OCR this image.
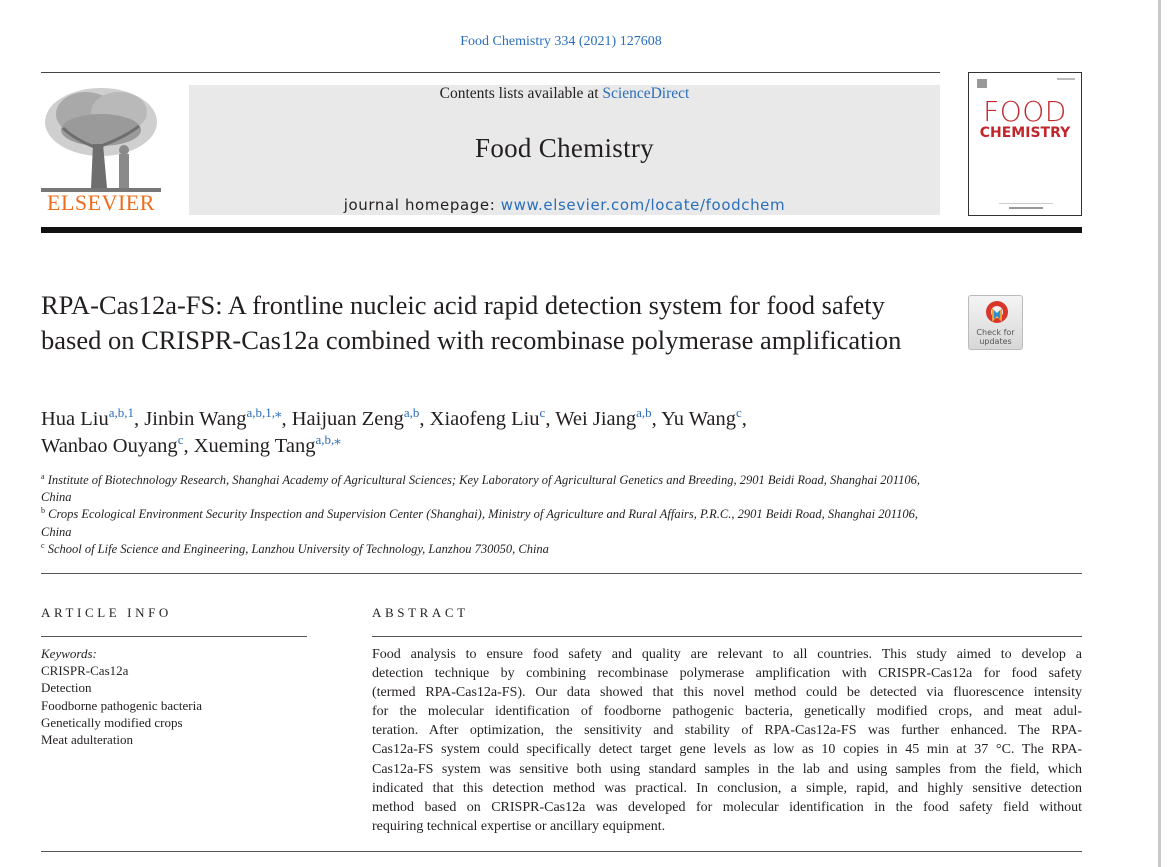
Food Chemistry 334 (2021) 127608
ELSEVIER
Contents lists available at ScienceDirect
Food Chemistry
journal homepage: www.elsevier.com/locate/foodchem
FOOD
CHEMISTRY
RPA-Cas12a-FS: A frontline nucleic acid rapid detection system for food safety based on CRISPR-Cas12a combined with recombinase polymerase amplification	Check for
updates
Hua Liu$^{a,b,1}$, Jinbin Wang$^{a,b,1,⁎}$, Haijuan Zeng$^{a,b}$, Xiaofeng Liu$^c$, Wei Jiang$^{a,b}$, Yu Wang$^c$,
Wanbao Ouyang$^c$, Xueming Tang$^{a,b,⁎}$
$^a$ Institute of Biotechnology Research, Shanghai Academy of Agricultural Sciences; Key Laboratory of Agricultural Genetics and Breeding, 2901 Beidi Road, Shanghai 201106, China
$^b$ Crops Ecological Environment Security Inspection and Supervision Center (Shanghai), Ministry of Agriculture and Rural Affairs, P.R.C., 2901 Beidi Road, Shanghai 201106, China
$^c$ School of Life Science and Engineering, Lanzhou University of Technology, Lanzhou 730050, China
ARTICLE INFO	ABSTRACT
Keywords:
CRISPR-Cas12a
Detection
Foodborne pathogenic bacteria
Genetically modified crops
Meat adulteration
Food analysis to ensure food safety and quality are relevant to all countries. This study aimed to develop a
detection technique by combining recombinase polymerase amplification with CRISPR-Cas12a for food safety
(termed RPA-Cas12a-FS). Our data showed that this novel method could be detected via fluorescence intensity
for the molecular identification of foodborne pathogenic bacteria, genetically modified crops, and meat adul-
teration. After optimization, the sensitivity and stability of RPA-Cas12a-FS was further enhanced. The RPA-
Cas12a-FS system could specifically detect target gene levels as low as 10 copies in 45 min at 37 °C. The RPA-
Cas12a-FS system was sensitive both using standard samples in the lab and using samples from the field, which
indicated that this detection method was practical. In conclusion, a simple, rapid, and highly sensitive detection
method based on CRISPR-Cas12a was developed for molecular identification in the food safety field without
requiring technical expertise or ancillary equipment.
